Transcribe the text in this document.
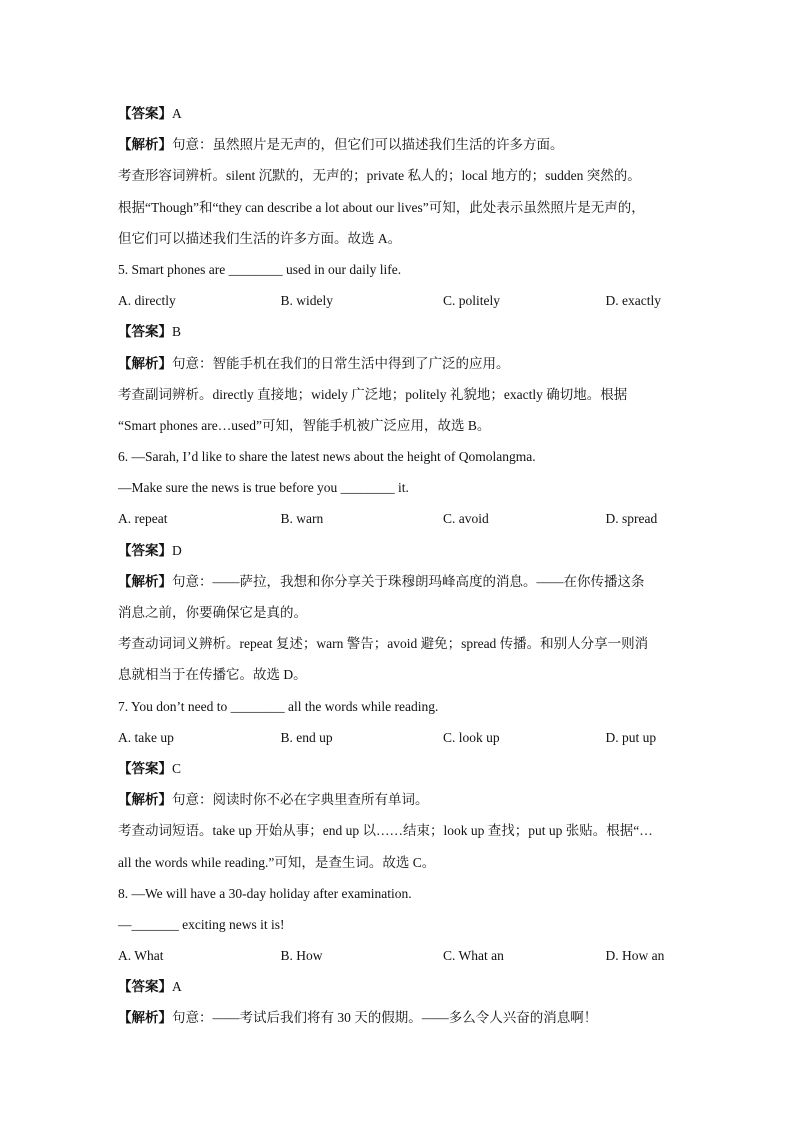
【答案】A
【解析】句意：虽然照片是无声的，但它们可以描述我们生活的许多方面。
考查形容词辨析。silent 沉默的，无声的；private 私人的；local 地方的；sudden 突然的。
根据“Though”和“they can describe a lot about our lives”可知，此处表示虽然照片是无声的，
但它们可以描述我们生活的许多方面。故选 A。
5. Smart phones are ________ used in our daily life.
A. directly	B. widely	C. politely	D. exactly
【答案】B
【解析】句意：智能手机在我们的日常生活中得到了广泛的应用。
考查副词辨析。directly 直接地；widely 广泛地；politely 礼貌地；exactly 确切地。根据
“Smart phones are…used”可知，智能手机被广泛应用，故选 B。
6. —Sarah, I’d like to share the latest news about the height of Qomolangma.
—Make sure the news is true before you ________ it.
A. repeat	B. warn	C. avoid	D. spread
【答案】D
【解析】句意：——萨拉，我想和你分享关于珠穆朗玛峰高度的消息。——在你传播这条
消息之前，你要确保它是真的。
考查动词词义辨析。repeat 复述；warn 警告；avoid 避免；spread 传播。和别人分享一则消
息就相当于在传播它。故选 D。
7. You don’t need to ________ all the words while reading.
A. take up	B. end up	C. look up	D. put up
【答案】C
【解析】句意：阅读时你不必在字典里查所有单词。
考查动词短语。take up 开始从事；end up 以……结束；look up 查找；put up 张贴。根据“…
all the words while reading.”可知，是查生词。故选 C。
8. —We will have a 30-day holiday after examination.
—_______ exciting news it is!
A. What	B. How	C. What an	D. How an
【答案】A
【解析】句意：——考试后我们将有 30 天的假期。——多么令人兴奋的消息啊！
